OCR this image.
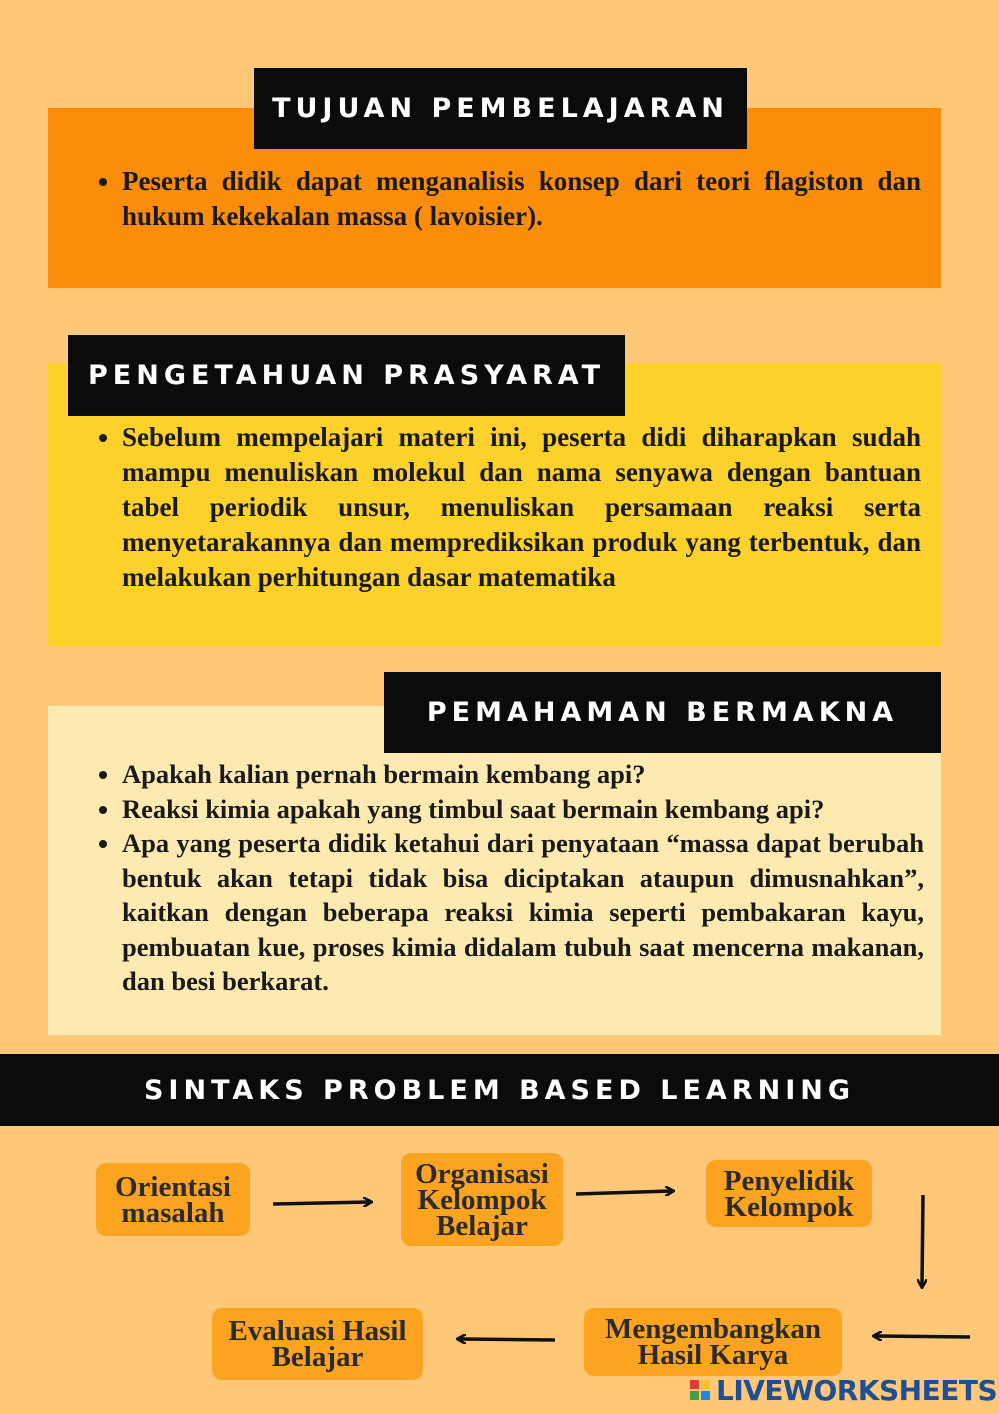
TUJUAN PEMBELAJARAN
• Peserta didik dapat menganalisis konsep dari teori flagiston dan hukum kekekalan massa ( lavoisier).
PENGETAHUAN PRASYARAT
• Sebelum mempelajari materi ini, peserta didi diharapkan sudah mampu menuliskan molekul dan nama senyawa dengan bantuan tabel periodik unsur, menuliskan persamaan reaksi serta menyetarakannya dan memprediksikan produk yang terbentuk, dan melakukan perhitungan dasar matematika
PEMAHAMAN BERMAKNA
• Apakah kalian pernah bermain kembang api?
• Reaksi kimia apakah yang timbul saat bermain kembang api?
• Apa yang peserta didik ketahui dari penyataan “massa dapat berubah bentuk akan tetapi tidak bisa diciptakan ataupun dimusnahkan”, kaitkan dengan beberapa reaksi kimia seperti pembakaran kayu, pembuatan kue, proses kimia didalam tubuh saat mencerna makanan, dan besi berkarat.
SINTAKS PROBLEM BASED LEARNING
Orientasi
masalah
Organisasi
Kelompok
Belajar
Penyelidik
Kelompok
Mengembangkan
Hasil Karya
Evaluasi Hasil
Belajar
LIVEWORKSHEETS
